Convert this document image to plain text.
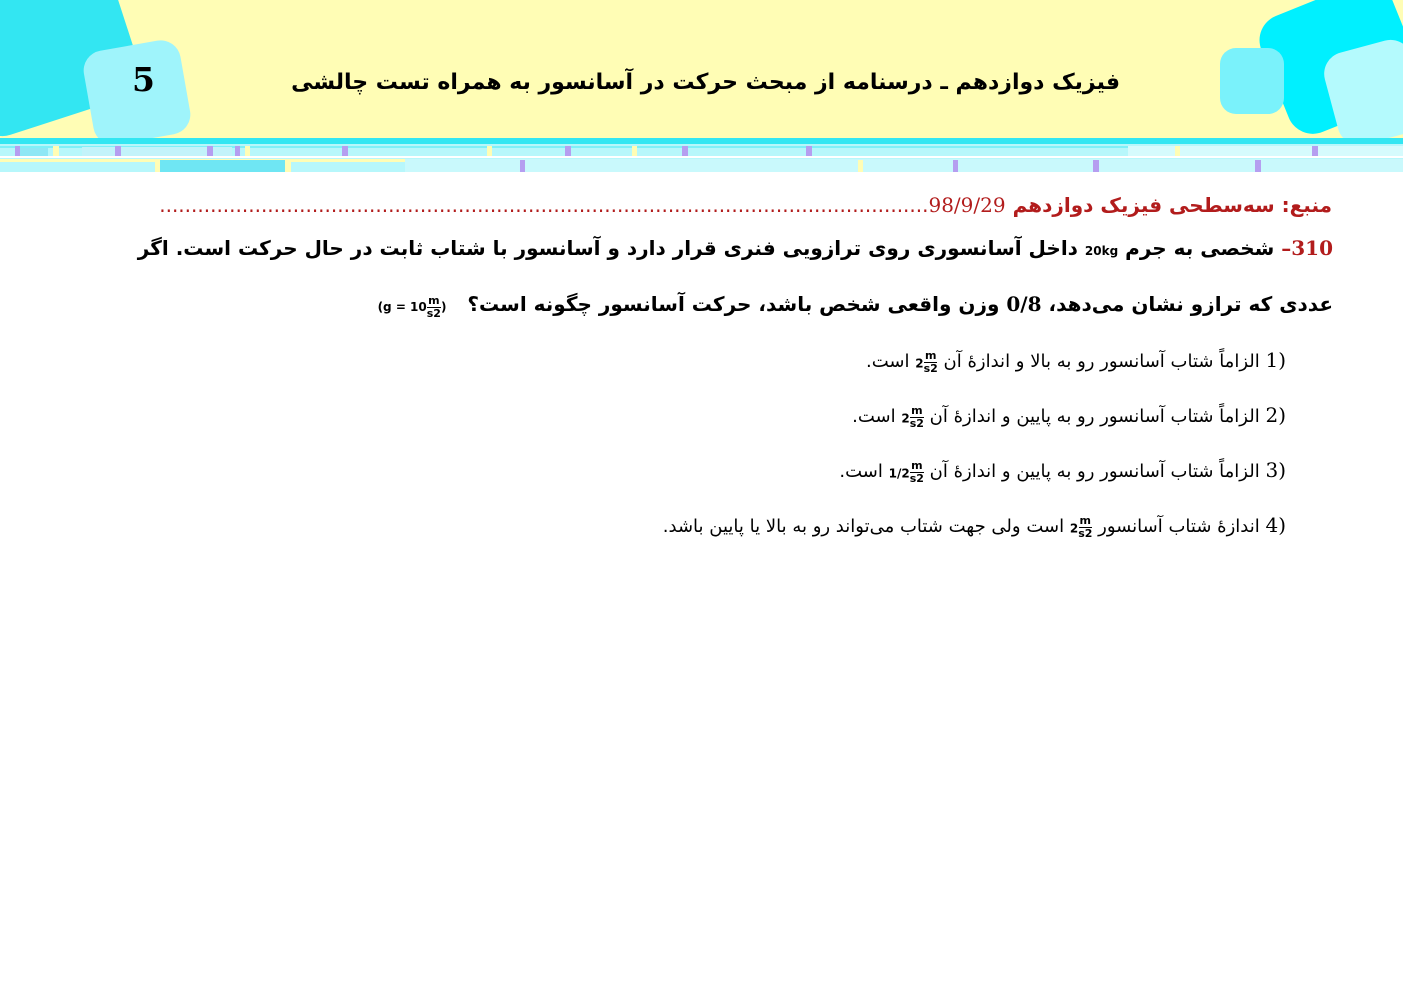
5	فیزیک دوازدهم ـ درسنامه از مبحث حرکت در آسانسور به همراه تست چالشی
منبع: سه‌سطحی فیزیک دوازدهم 98/9/29.........................................................................................................................
310– شخصی به جرم 20kg داخل آسانسوری روی ترازویی فنری قرار دارد و آسانسور با شتاب ثابت در حال حرکت است. اگر
عددی که ترازو نشان می‌دهد، 0/8 وزن واقعی شخص باشد، حرکت آسانسور چگونه است؟ ($g = 10 \frac{m}{s2}$ )
1) الزاماً شتاب آسانسور رو به بالا و اندازهٔ آن $2 \frac{m}{s2}$
است.
2) الزاماً شتاب آسانسور رو به پایین و اندازهٔ آن $2 \frac{m}{s2}$
است.
3) الزاماً شتاب آسانسور رو به پایین و اندازهٔ آن $1/2 \frac{m}{s2}$
است.
4) اندازهٔ شتاب آسانسور $2 \frac{m}{s2}$
است ولی جهت شتاب می‌تواند رو به بالا یا پایین باشد.
